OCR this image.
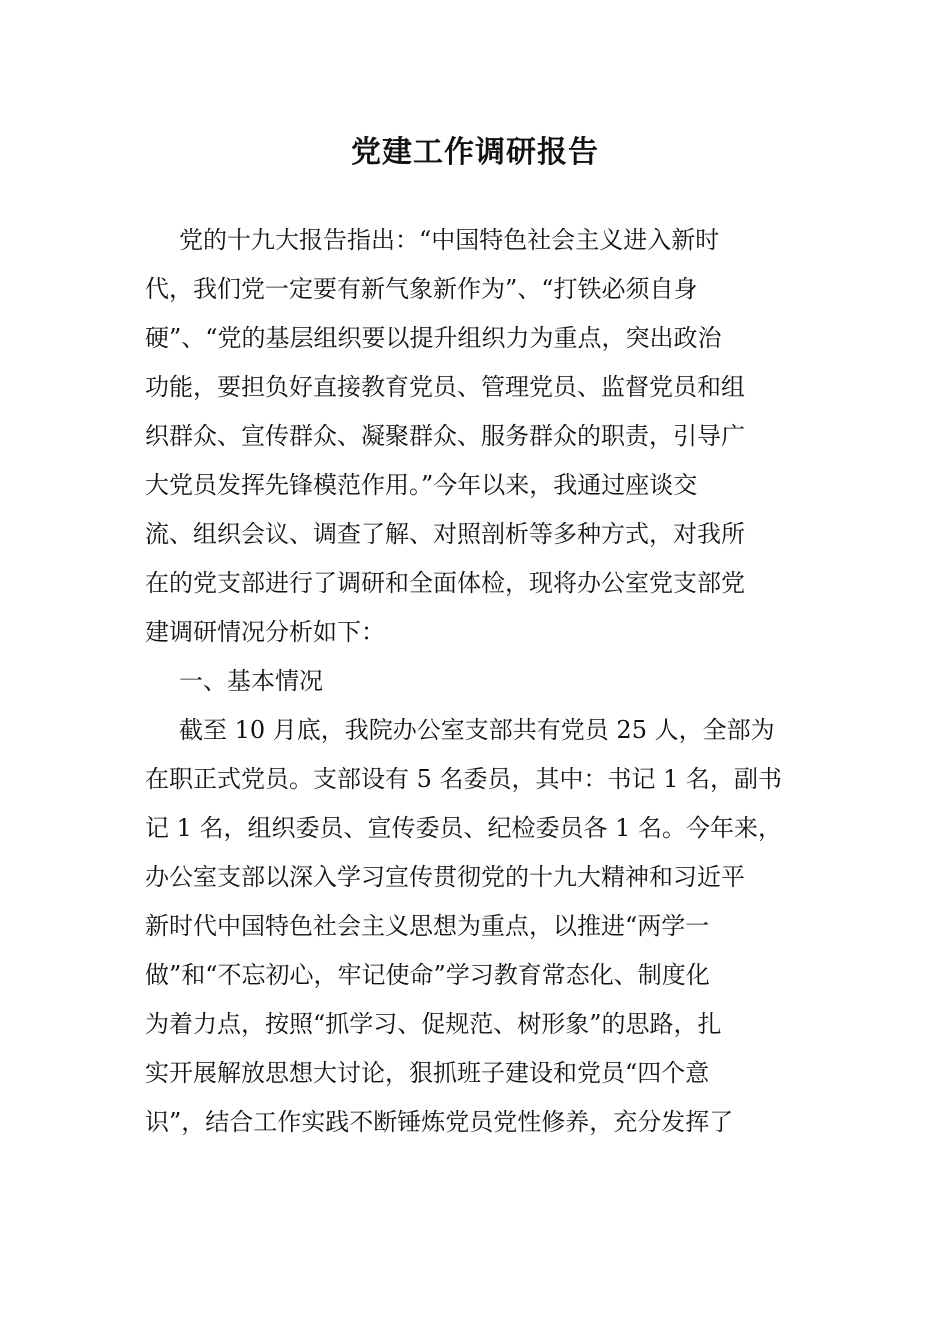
党建工作调研报告
党的十九大报告指出：“中国特色社会主义进入新时
代，我们党一定要有新气象新作为”、“打铁必须自身
硬”、“党的基层组织要以提升组织力为重点，突出政治
功能，要担负好直接教育党员、管理党员、监督党员和组
织群众、宣传群众、凝聚群众、服务群众的职责，引导广
大党员发挥先锋模范作用。”今年以来，我通过座谈交
流、组织会议、调查了解、对照剖析等多种方式，对我所
在的党支部进行了调研和全面体检，现将办公室党支部党
建调研情况分析如下：
一、基本情况
截至 10 月底，我院办公室支部共有党员 25 人，全部为
在职正式党员。支部设有 5 名委员，其中：书记 1 名，副书
记 1 名，组织委员、宣传委员、纪检委员各 1 名。今年来，
办公室支部以深入学习宣传贯彻党的十九大精神和习近平
新时代中国特色社会主义思想为重点，以推进“两学一
做”和“不忘初心，牢记使命”学习教育常态化、制度化
为着力点，按照“抓学习、促规范、树形象”的思路，扎
实开展解放思想大讨论，狠抓班子建设和党员“四个意
识”，结合工作实践不断锤炼党员党性修养，充分发挥了
